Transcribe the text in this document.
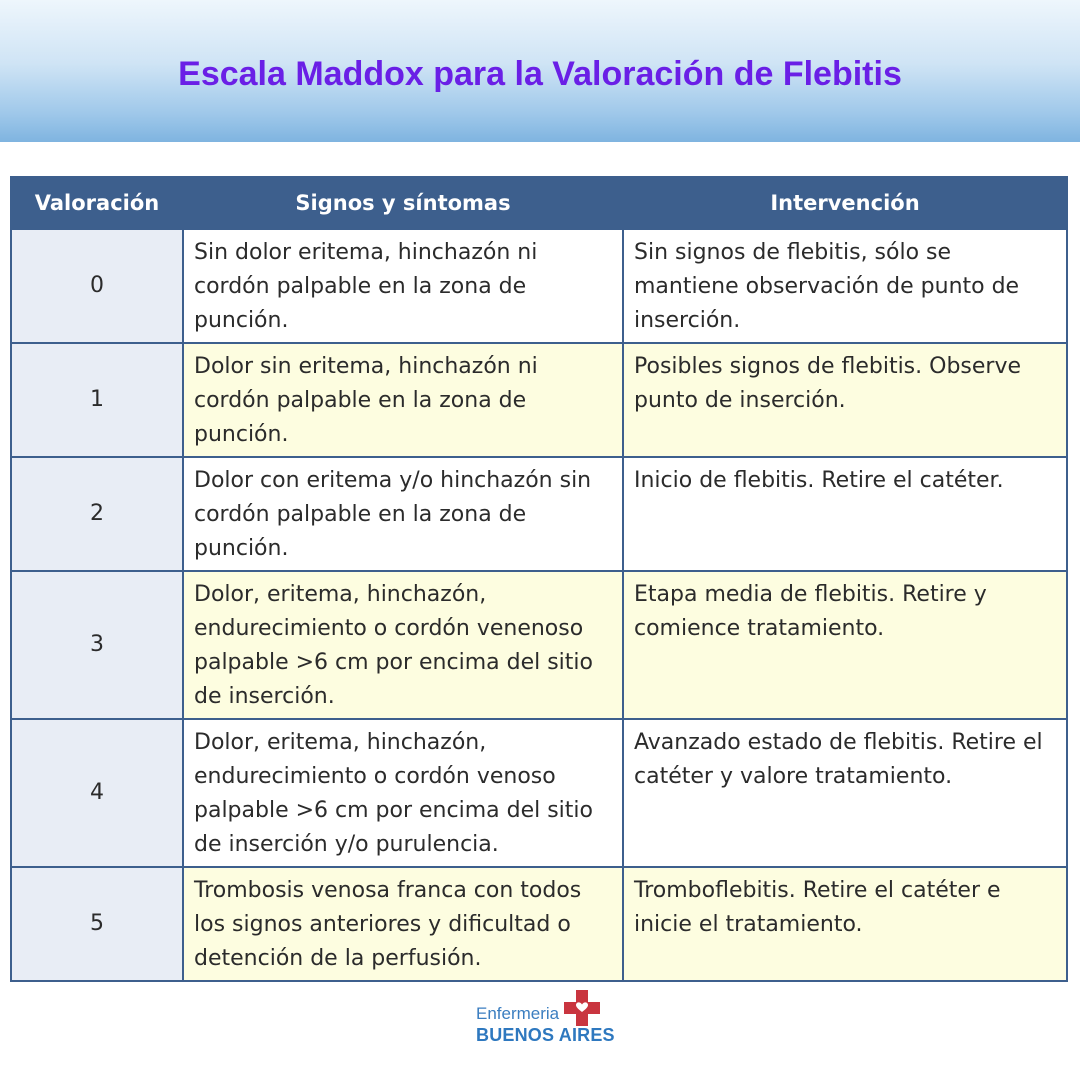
Escala Maddox para la Valoración de Flebitis
Valoración	Signos y síntomas	Intervención
0	Sin dolor eritema, hinchazón ni cordón palpable en la zona de punción.	Sin signos de flebitis, sólo se mantiene observación de punto de inserción.
1	Dolor sin eritema, hinchazón ni cordón palpable en la zona de punción.	Posibles signos de flebitis. Observe punto de inserción.
2	Dolor con eritema y/o hinchazón sin cordón palpable en la zona de punción.	Inicio de flebitis. Retire el catéter.
3	Dolor, eritema, hinchazón, endurecimiento o cordón venenoso palpable >6 cm por encima del sitio de inserción.	Etapa media de flebitis. Retire y comience tratamiento.
4	Dolor, eritema, hinchazón, endurecimiento o cordón venoso palpable >6 cm por encima del sitio de inserción y/o purulencia.	Avanzado estado de flebitis. Retire el catéter y valore tratamiento.
5	Trombosis venosa franca con todos los signos anteriores y dificultad o detención de la perfusión.	Tromboflebitis. Retire el catéter e inicie el tratamiento.
Enfermeria
BUENOS AIRES
